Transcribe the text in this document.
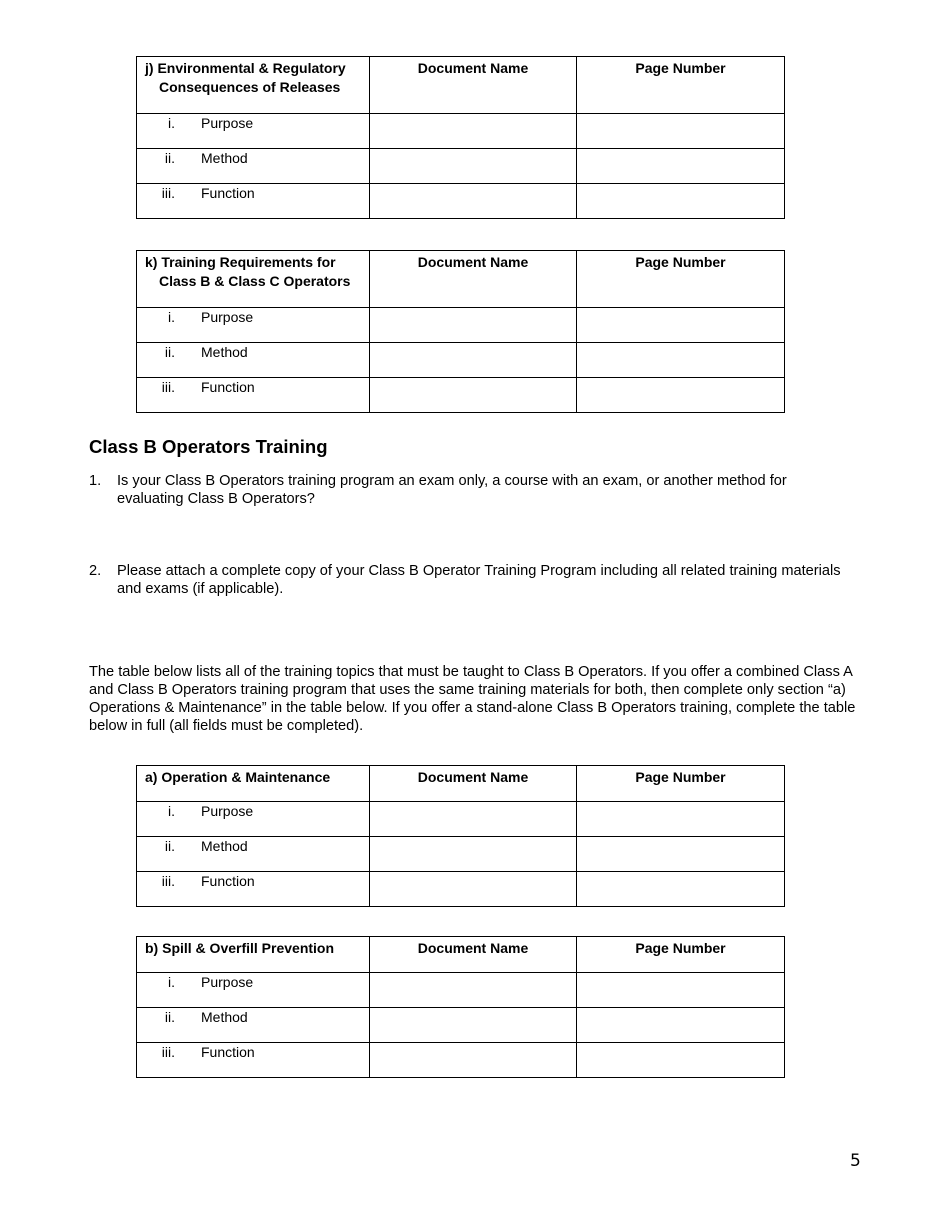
j) Environmental & Regulatory
Consequences of Releases	Document Name	Page Number

i. Purpose		

ii. Method		

iii. Function		

k) Training Requirements for
Class B & Class C Operators	Document Name	Page Number

i. Purpose		

ii. Method		

iii. Function		

Class B Operators Training
1. Is your Class B Operators training program an exam only, a course with an exam, or another method for evaluating Class B Operators?
2. Please attach a complete copy of your Class B Operator Training Program including all related training materials and exams (if applicable).
The table below lists all of the training topics that must be taught to Class B Operators. If you offer a combined Class A and Class B Operators training program that uses the same training materials for both, then complete only section “a) Operations & Maintenance” in the table below. If you offer a stand-alone Class B Operators training, complete the table below in full (all fields must be completed).
a) Operation & Maintenance	Document Name	Page Number

i. Purpose		

ii. Method		

iii. Function		

b) Spill & Overfill Prevention	Document Name	Page Number

i. Purpose		

ii. Method		

iii. Function		

5
